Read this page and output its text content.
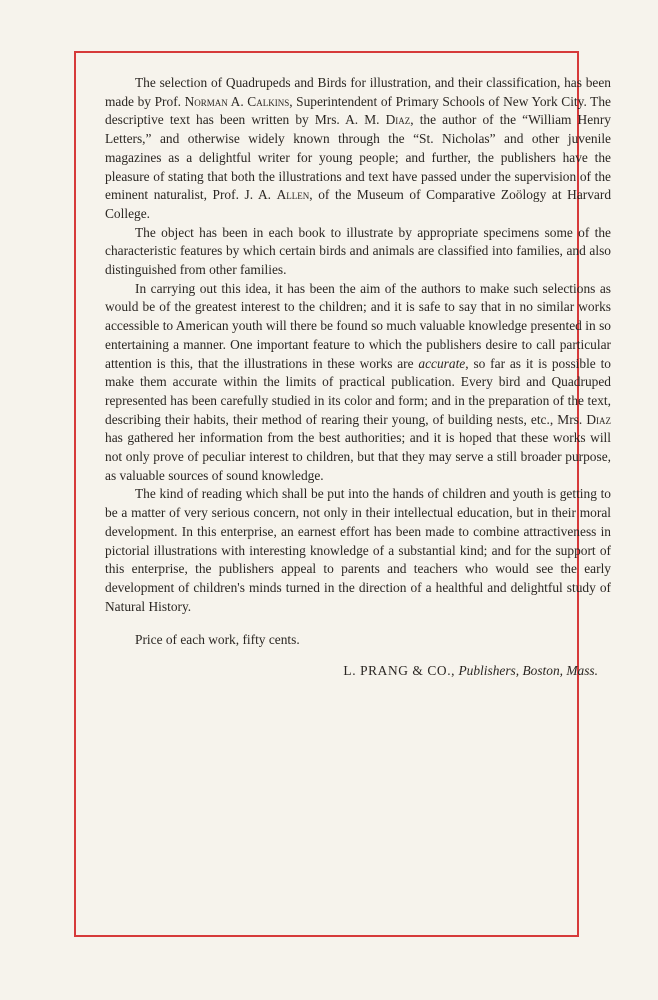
The selection of Quadrupeds and Birds for illustration, and their classification, has been made by Prof. Norman A. Calkins, Superintendent of Primary Schools of New York City. The descriptive text has been written by Mrs. A. M. Diaz, the author of the “William Henry Letters,” and otherwise widely known through the “St. Nicholas” and other juvenile magazines as a delightful writer for young people; and further, the publishers have the pleasure of stating that both the illustrations and text have passed under the supervision of the eminent naturalist, Prof. J. A. Allen, of the Museum of Comparative Zoölogy at Harvard College.

The object has been in each book to illustrate by appropriate specimens some of the characteristic features by which certain birds and animals are classified into families, and also distinguished from other families.

In carrying out this idea, it has been the aim of the authors to make such selections as would be of the greatest interest to the children; and it is safe to say that in no similar works accessible to American youth will there be found so much valuable knowledge presented in so entertaining a manner. One important feature to which the publishers desire to call particular attention is this, that the illustrations in these works are accurate, so far as it is possible to make them accurate within the limits of practical publication. Every bird and Quadruped represented has been carefully studied in its color and form; and in the preparation of the text, describing their habits, their method of rearing their young, of building nests, etc., Mrs. Diaz has gathered her information from the best authorities; and it is hoped that these works will not only prove of peculiar interest to children, but that they may serve a still broader purpose, as valuable sources of sound knowledge.

The kind of reading which shall be put into the hands of children and youth is getting to be a matter of very serious concern, not only in their intellectual education, but in their moral development. In this enterprise, an earnest effort has been made to combine attractiveness in pictorial illustrations with interesting knowledge of a substantial kind; and for the support of this enterprise, the publishers appeal to parents and teachers who would see the early development of children's minds turned in the direction of a healthful and delightful study of Natural History.

Price of each work, fifty cents.

L. PRANG & CO., Publishers, Boston, Mass.
